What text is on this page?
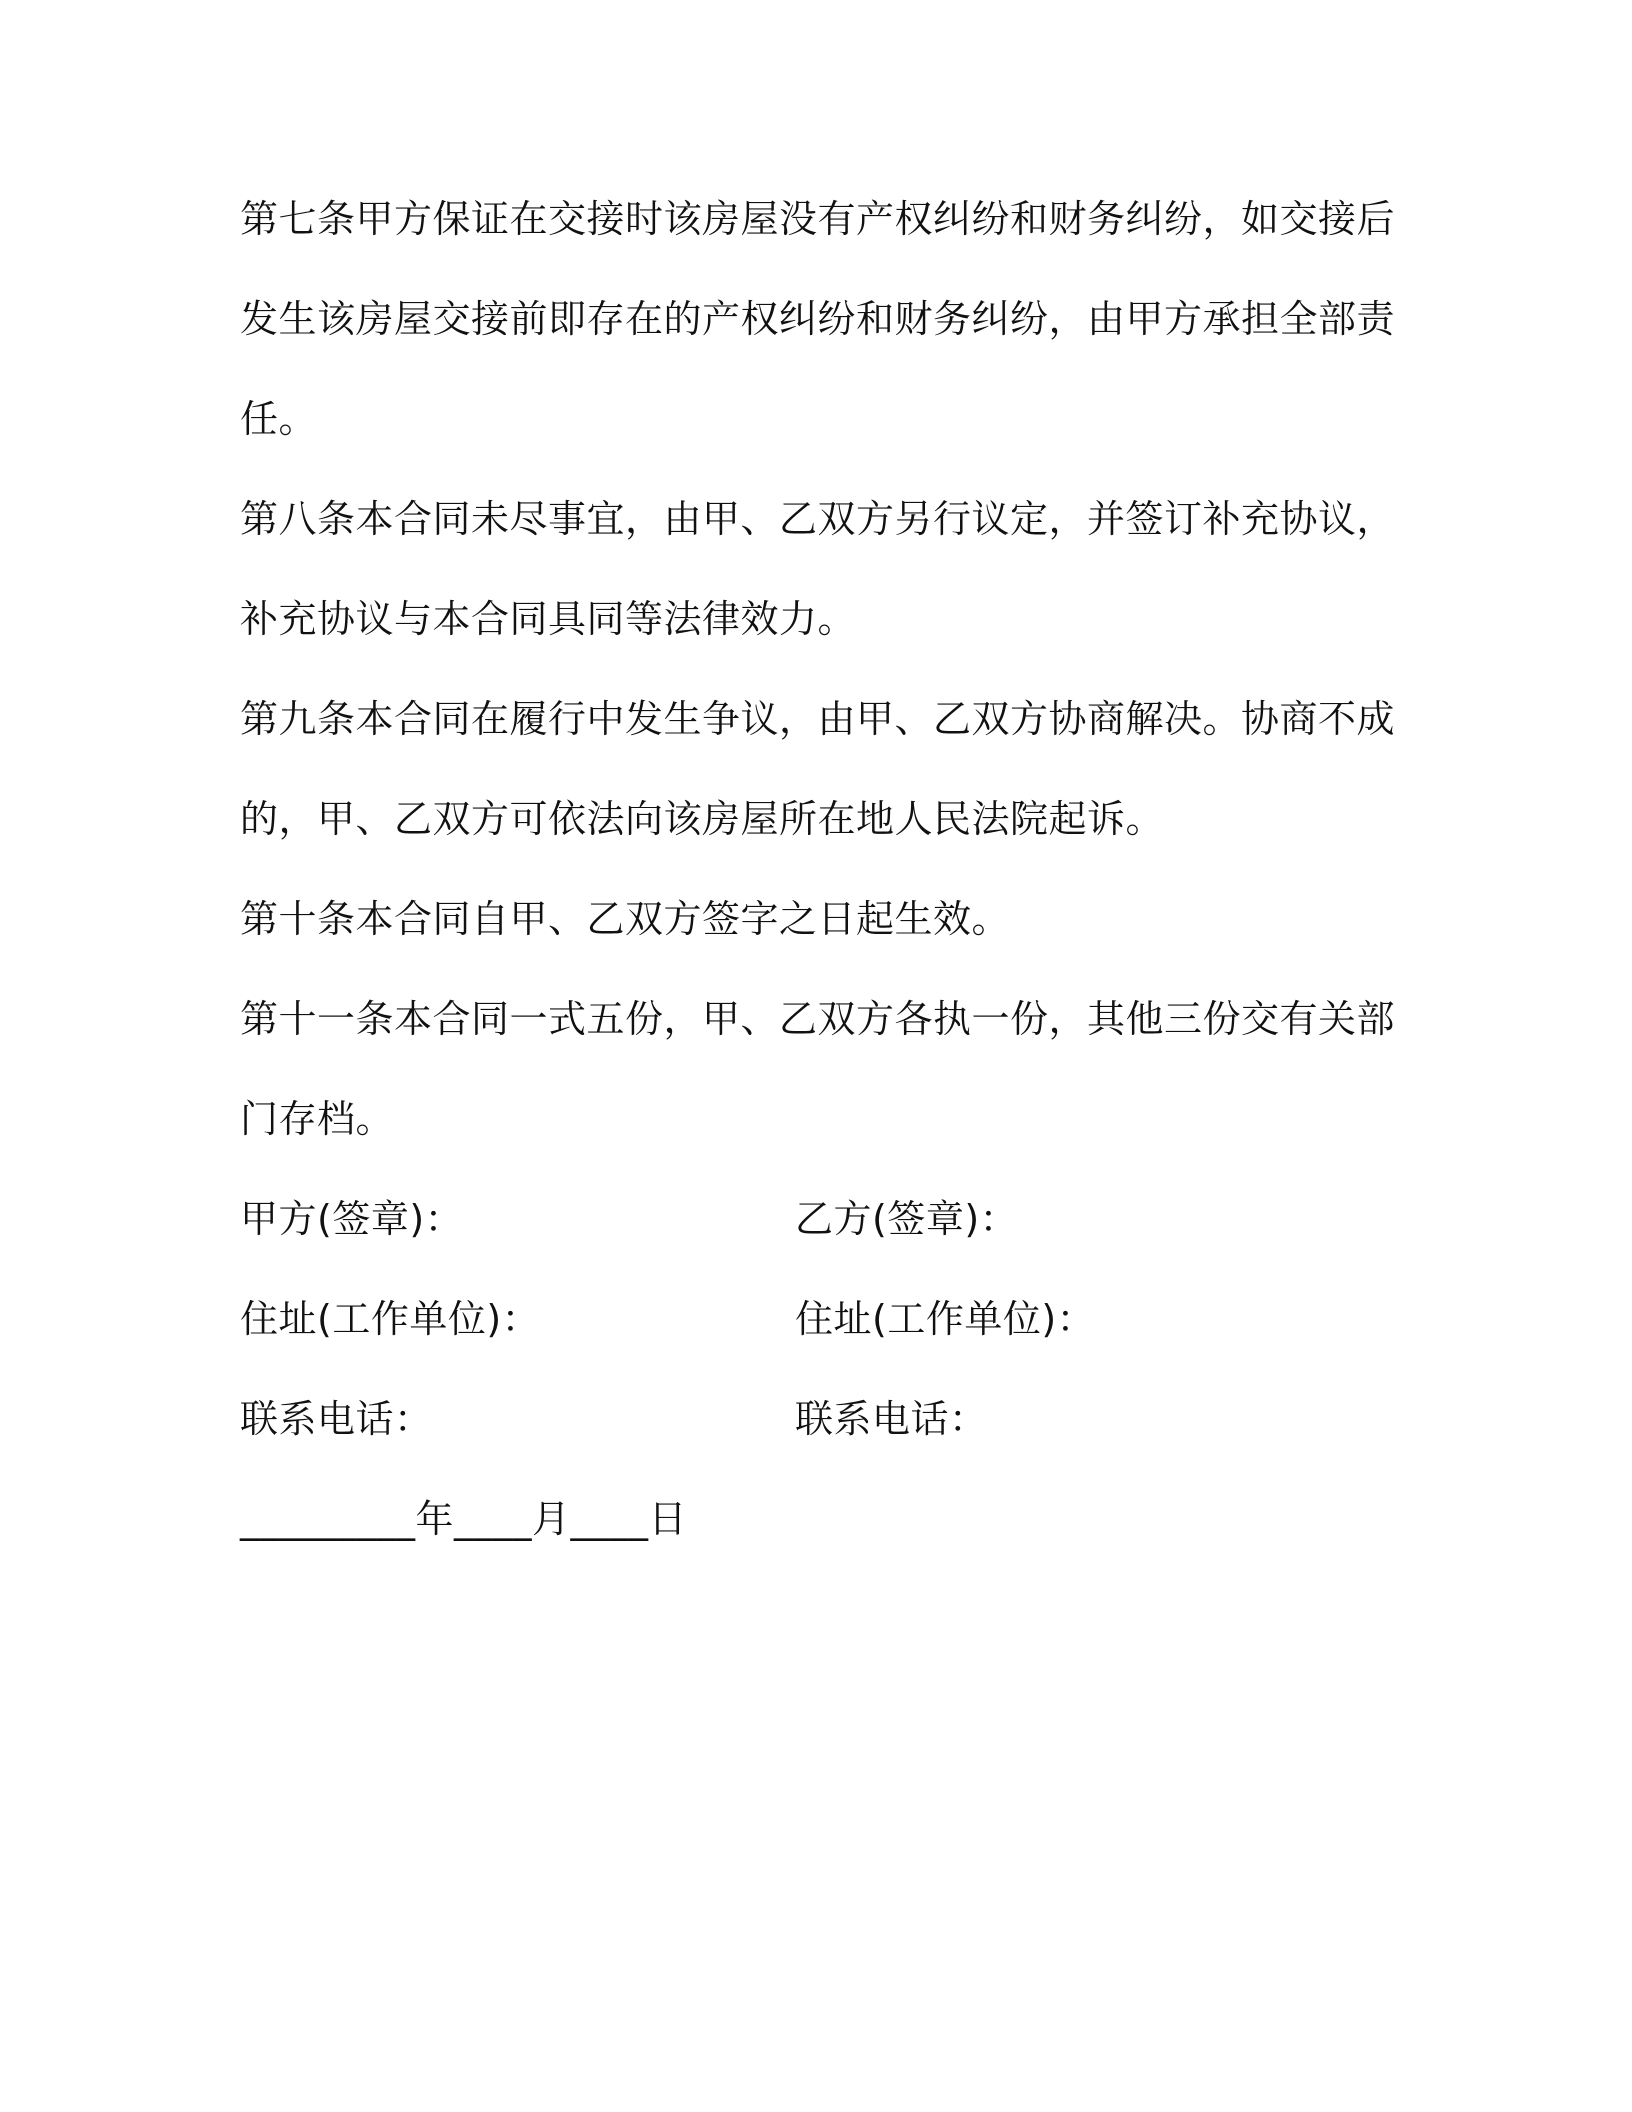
第七条甲方保证在交接时该房屋没有产权纠纷和财务纠纷，如交接后
发生该房屋交接前即存在的产权纠纷和财务纠纷，由甲方承担全部责
任。
第八条本合同未尽事宜，由甲、乙双方另行议定，并签订补充协议，
补充协议与本合同具同等法律效力。
第九条本合同在履行中发生争议，由甲、乙双方协商解决。协商不成
的，甲、乙双方可依法向该房屋所在地人民法院起诉。
第十条本合同自甲、乙双方签字之日起生效。
第十一条本合同一式五份，甲、乙双方各执一份，其他三份交有关部
门存档。
甲方(签章)：	乙方(签章)：
住址(工作单位)：	住址(工作单位)：
联系电话：	联系电话：
_________年____月____日
